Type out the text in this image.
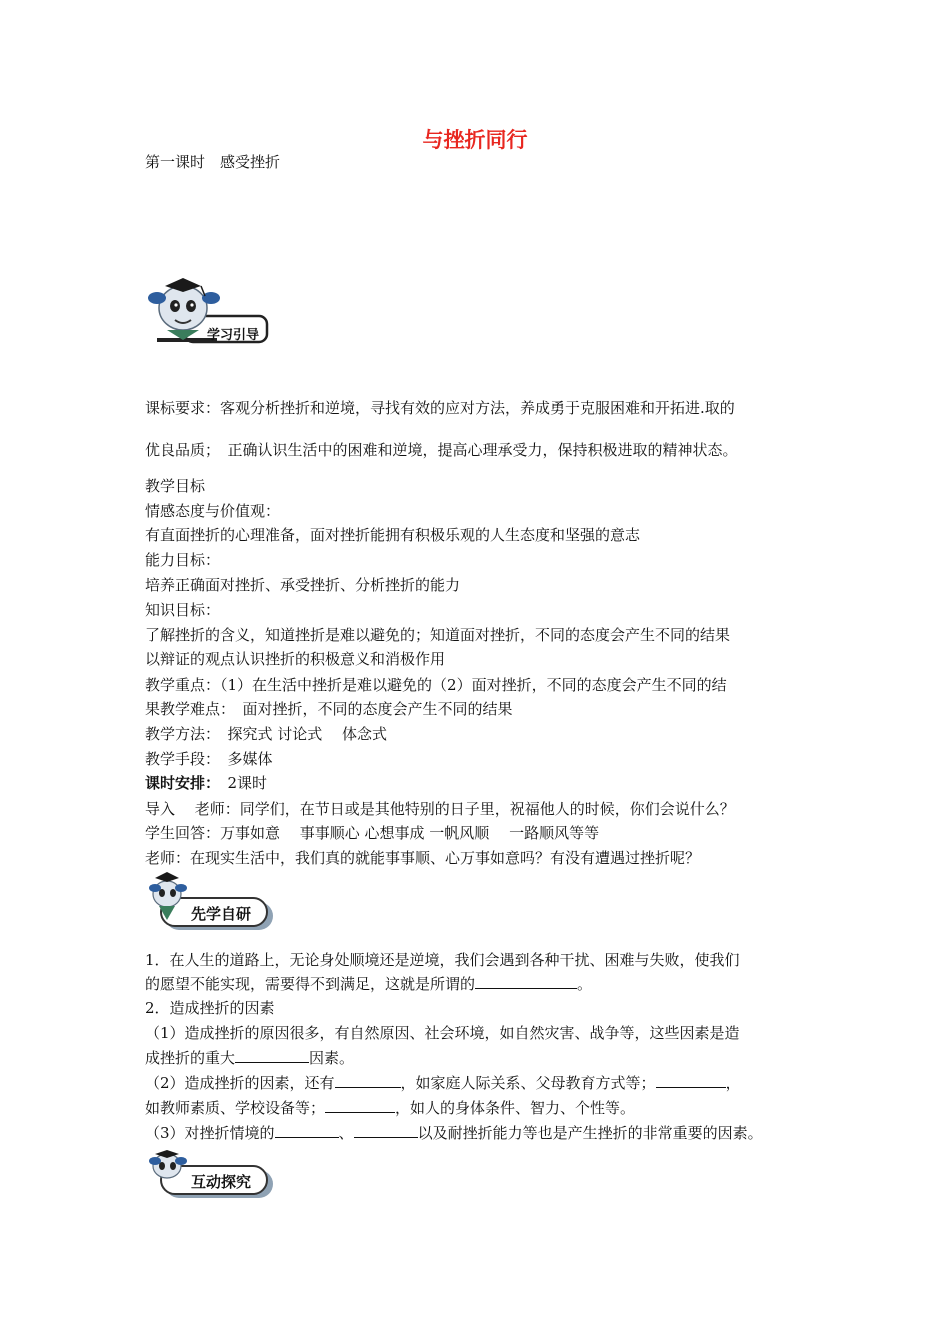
与挫折同行
第一课时　感受挫折
学习引导
课标要求：客观分析挫折和逆境，寻找有效的应对方法，养成勇于克服困难和开拓进.取的
优良品质；　正确认识生活中的困难和逆境，提高心理承受力，保持积极进取的精神状态。
教学目标
情感态度与价值观：
有直面挫折的心理准备，面对挫折能拥有积极乐观的人生态度和坚强的意志
能力目标：
培养正确面对挫折、承受挫折、分析挫折的能力
知识目标：
了解挫折的含义，知道挫折是难以避免的；知道面对挫折，不同的态度会产生不同的结果
以辩证的观点认识挫折的积极意义和消极作用
教学重点：（1）在生活中挫折是难以避免的（2）面对挫折，不同的态度会产生不同的结
果教学难点：　面对挫折，不同的态度会产生不同的结果
教学方法：　探究式 讨论式　 体念式
教学手段：　多媒体
课时安排：　2课时
导入　 老师：同学们，在节日或是其他特别的日子里，祝福他人的时候，你们会说什么？
学生回答：万事如意　 事事顺心 心想事成 一帆风顺　 一路顺风等等
老师：在现实生活中，我们真的就能事事顺、心万事如意吗？有没有遭遇过挫折呢？
先学自研
1．在人生的道路上，无论身处顺境还是逆境，我们会遇到各种干扰、困难与失败，使我们
的愿望不能实现，需要得不到满足，这就是所谓的	。
2．造成挫折的因素
（1）造成挫折的原因很多，有自然原因、社会环境，如自然灾害、战争等，这些因素是造
成挫折的重大	因素。
（2）造成挫折的因素，还有	，如家庭人际关系、父母教育方式等；	，
如教师素质、学校设备等；	，如人的身体条件、智力、个性等。
（3）对挫折情境的	、	以及耐挫折能力等也是产生挫折的非常重要的因素。
互动探究
